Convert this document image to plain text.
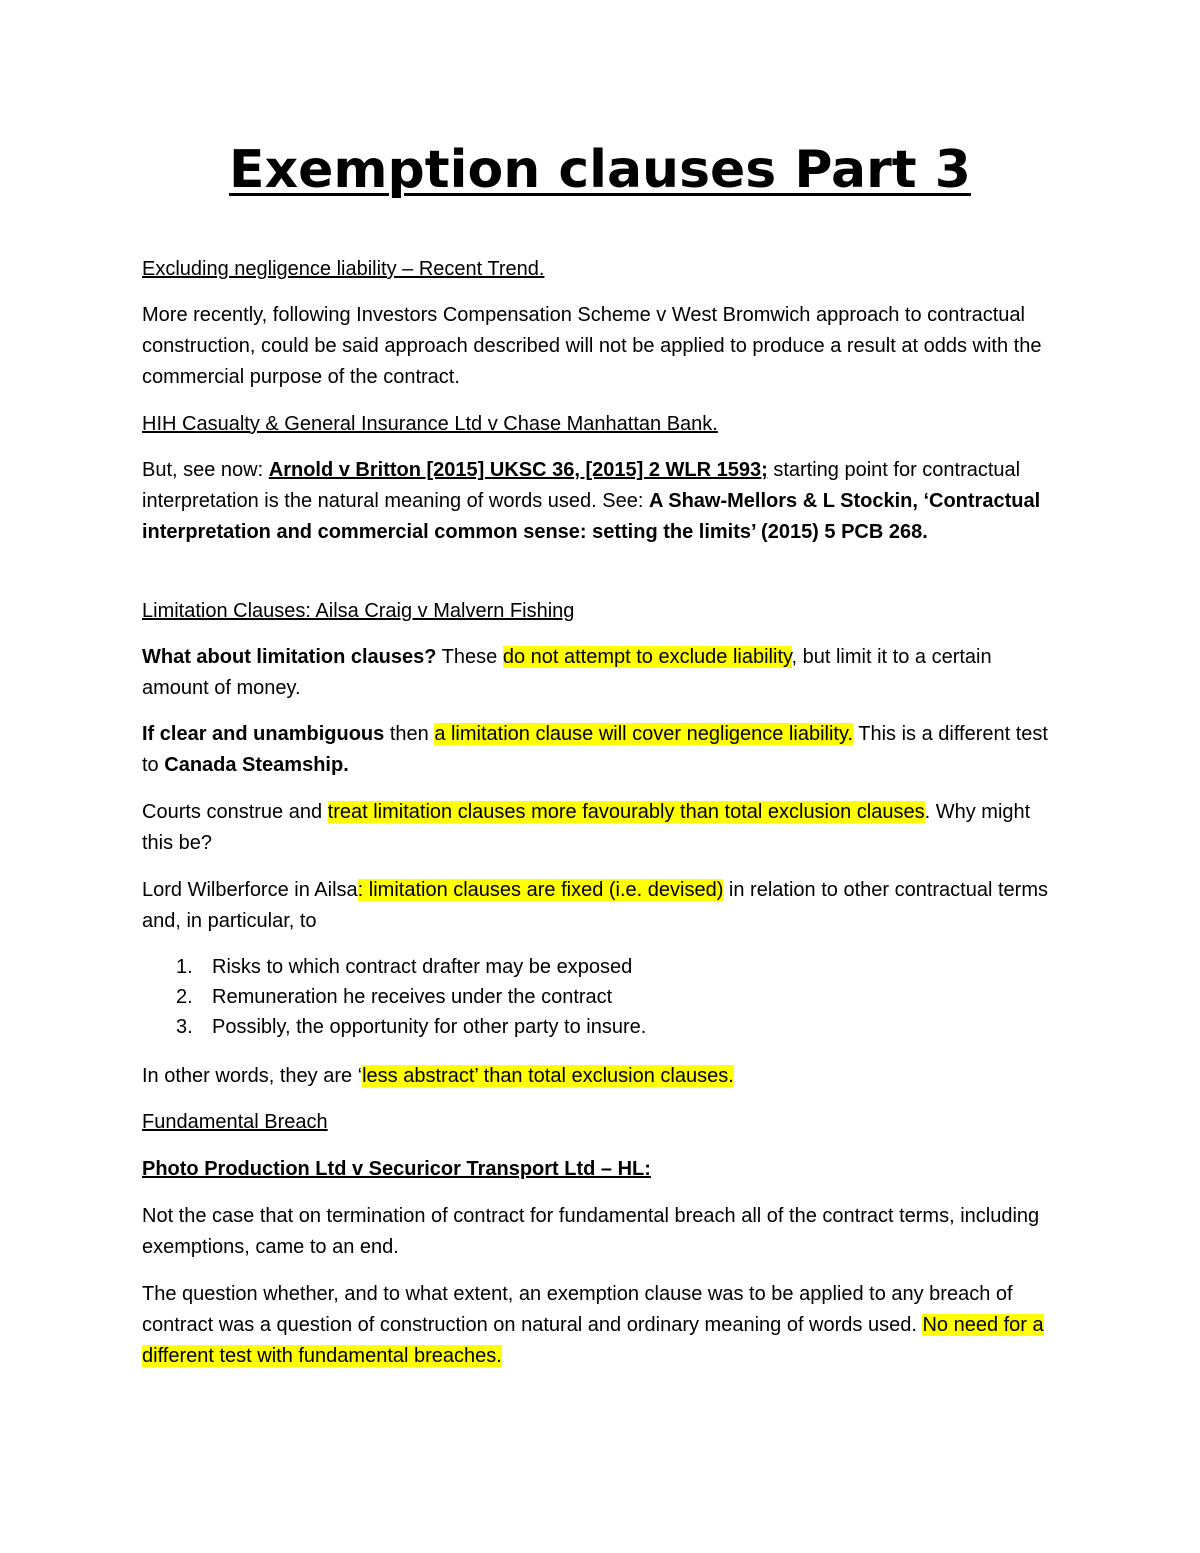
Exemption clauses Part 3

Excluding negligence liability – Recent Trend.

More recently, following Investors Compensation Scheme v West Bromwich approach to contractual construction, could be said approach described will not be applied to produce a result at odds with the commercial purpose of the contract.

HIH Casualty & General Insurance Ltd v Chase Manhattan Bank.

But, see now: Arnold v Britton [2015] UKSC 36, [2015] 2 WLR 1593; starting point for contractual interpretation is the natural meaning of words used. See: A Shaw-Mellors & L Stockin, ‘Contractual interpretation and commercial common sense: setting the limits’ (2015) 5 PCB 268.

Limitation Clauses: Ailsa Craig v Malvern Fishing

What about limitation clauses? These do not attempt to exclude liability, but limit it to a certain amount of money.

If clear and unambiguous then a limitation clause will cover negligence liability. This is a different test to Canada Steamship.

Courts construe and treat limitation clauses more favourably than total exclusion clauses. Why might this be?

Lord Wilberforce in Ailsa: limitation clauses are fixed (i.e. devised) in relation to other contractual terms and, in particular, to

1. Risks to which contract drafter may be exposed
2. Remuneration he receives under the contract
3. Possibly, the opportunity for other party to insure.

In other words, they are ‘less abstract’ than total exclusion clauses.

Fundamental Breach

Photo Production Ltd v Securicor Transport Ltd – HL:

Not the case that on termination of contract for fundamental breach all of the contract terms, including exemptions, came to an end.

The question whether, and to what extent, an exemption clause was to be applied to any breach of contract was a question of construction on natural and ordinary meaning of words used. No need for a different test with fundamental breaches.
